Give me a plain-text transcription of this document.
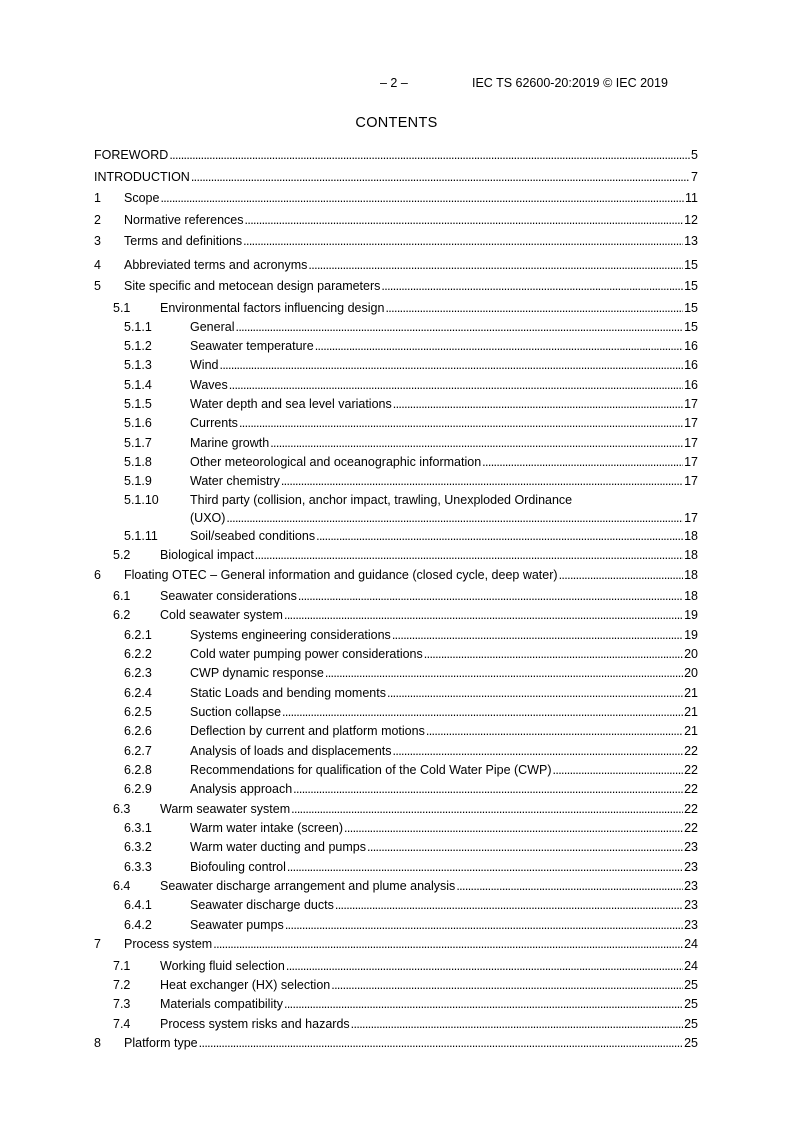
– 2 –	IEC TS 62600-20:2019 © IEC 2019
CONTENTS
FOREWORD . . .	5
INTRODUCTION . . .	7
1 Scope . . .	11
2 Normative references . . .	12
3 Terms and definitions . . .	13
4 Abbreviated terms and acronyms . . .	15
5 Site specific and metocean design parameters . . .	15
5.1 Environmental factors influencing design . . .	15
5.1.1	General . . .	15
5.1.2	Seawater temperature . . .	16
5.1.3	Wind . . .	16
5.1.4	Waves . . .	16
5.1.5	Water depth and sea level variations . . .	17
5.1.6	Currents . . .	17
5.1.7	Marine growth . . .	17
5.1.8	Other meteorological and oceanographic information . . .	17
5.1.9	Water chemistry . . .	17
5.1.10 Third party (collision, anchor impact, trawling, Unexploded Ordinance
(UXO) . . .	17
5.1.11	Soil/seabed conditions . . .	18
5.2 Biological impact . . .	18
6 Floating OTEC – General information and guidance (closed cycle, deep water) . . .	18
6.1 Seawater considerations . . .	18
6.2 Cold seawater system . . .	19
6.2.1	Systems engineering considerations . . .	19
6.2.2	Cold water pumping power considerations . . .	20
6.2.3	CWP dynamic response . . .	20
6.2.4	Static Loads and bending moments . . .	21
6.2.5	Suction collapse . . .	21
6.2.6	Deflection by current and platform motions . . .	21
6.2.7	Analysis of loads and displacements . . .	22
6.2.8	Recommendations for qualification of the Cold Water Pipe (CWP) . . .	22
6.2.9	Analysis approach . . .	22
6.3 Warm seawater system . . .	22
6.3.1	Warm water intake (screen) . . .	22
6.3.2	Warm water ducting and pumps . . .	23
6.3.3	Biofouling control . . .	23
6.4 Seawater discharge arrangement and plume analysis . . .	23
6.4.1	Seawater discharge ducts . . .	23
6.4.2	Seawater pumps . . .	23
7 Process system . . .	24
7.1 Working fluid selection . . .	24
7.2 Heat exchanger (HX) selection . . .	25
7.3 Materials compatibility . . .	25
7.4 Process system risks and hazards . . .	25
8 Platform type . . .	25
